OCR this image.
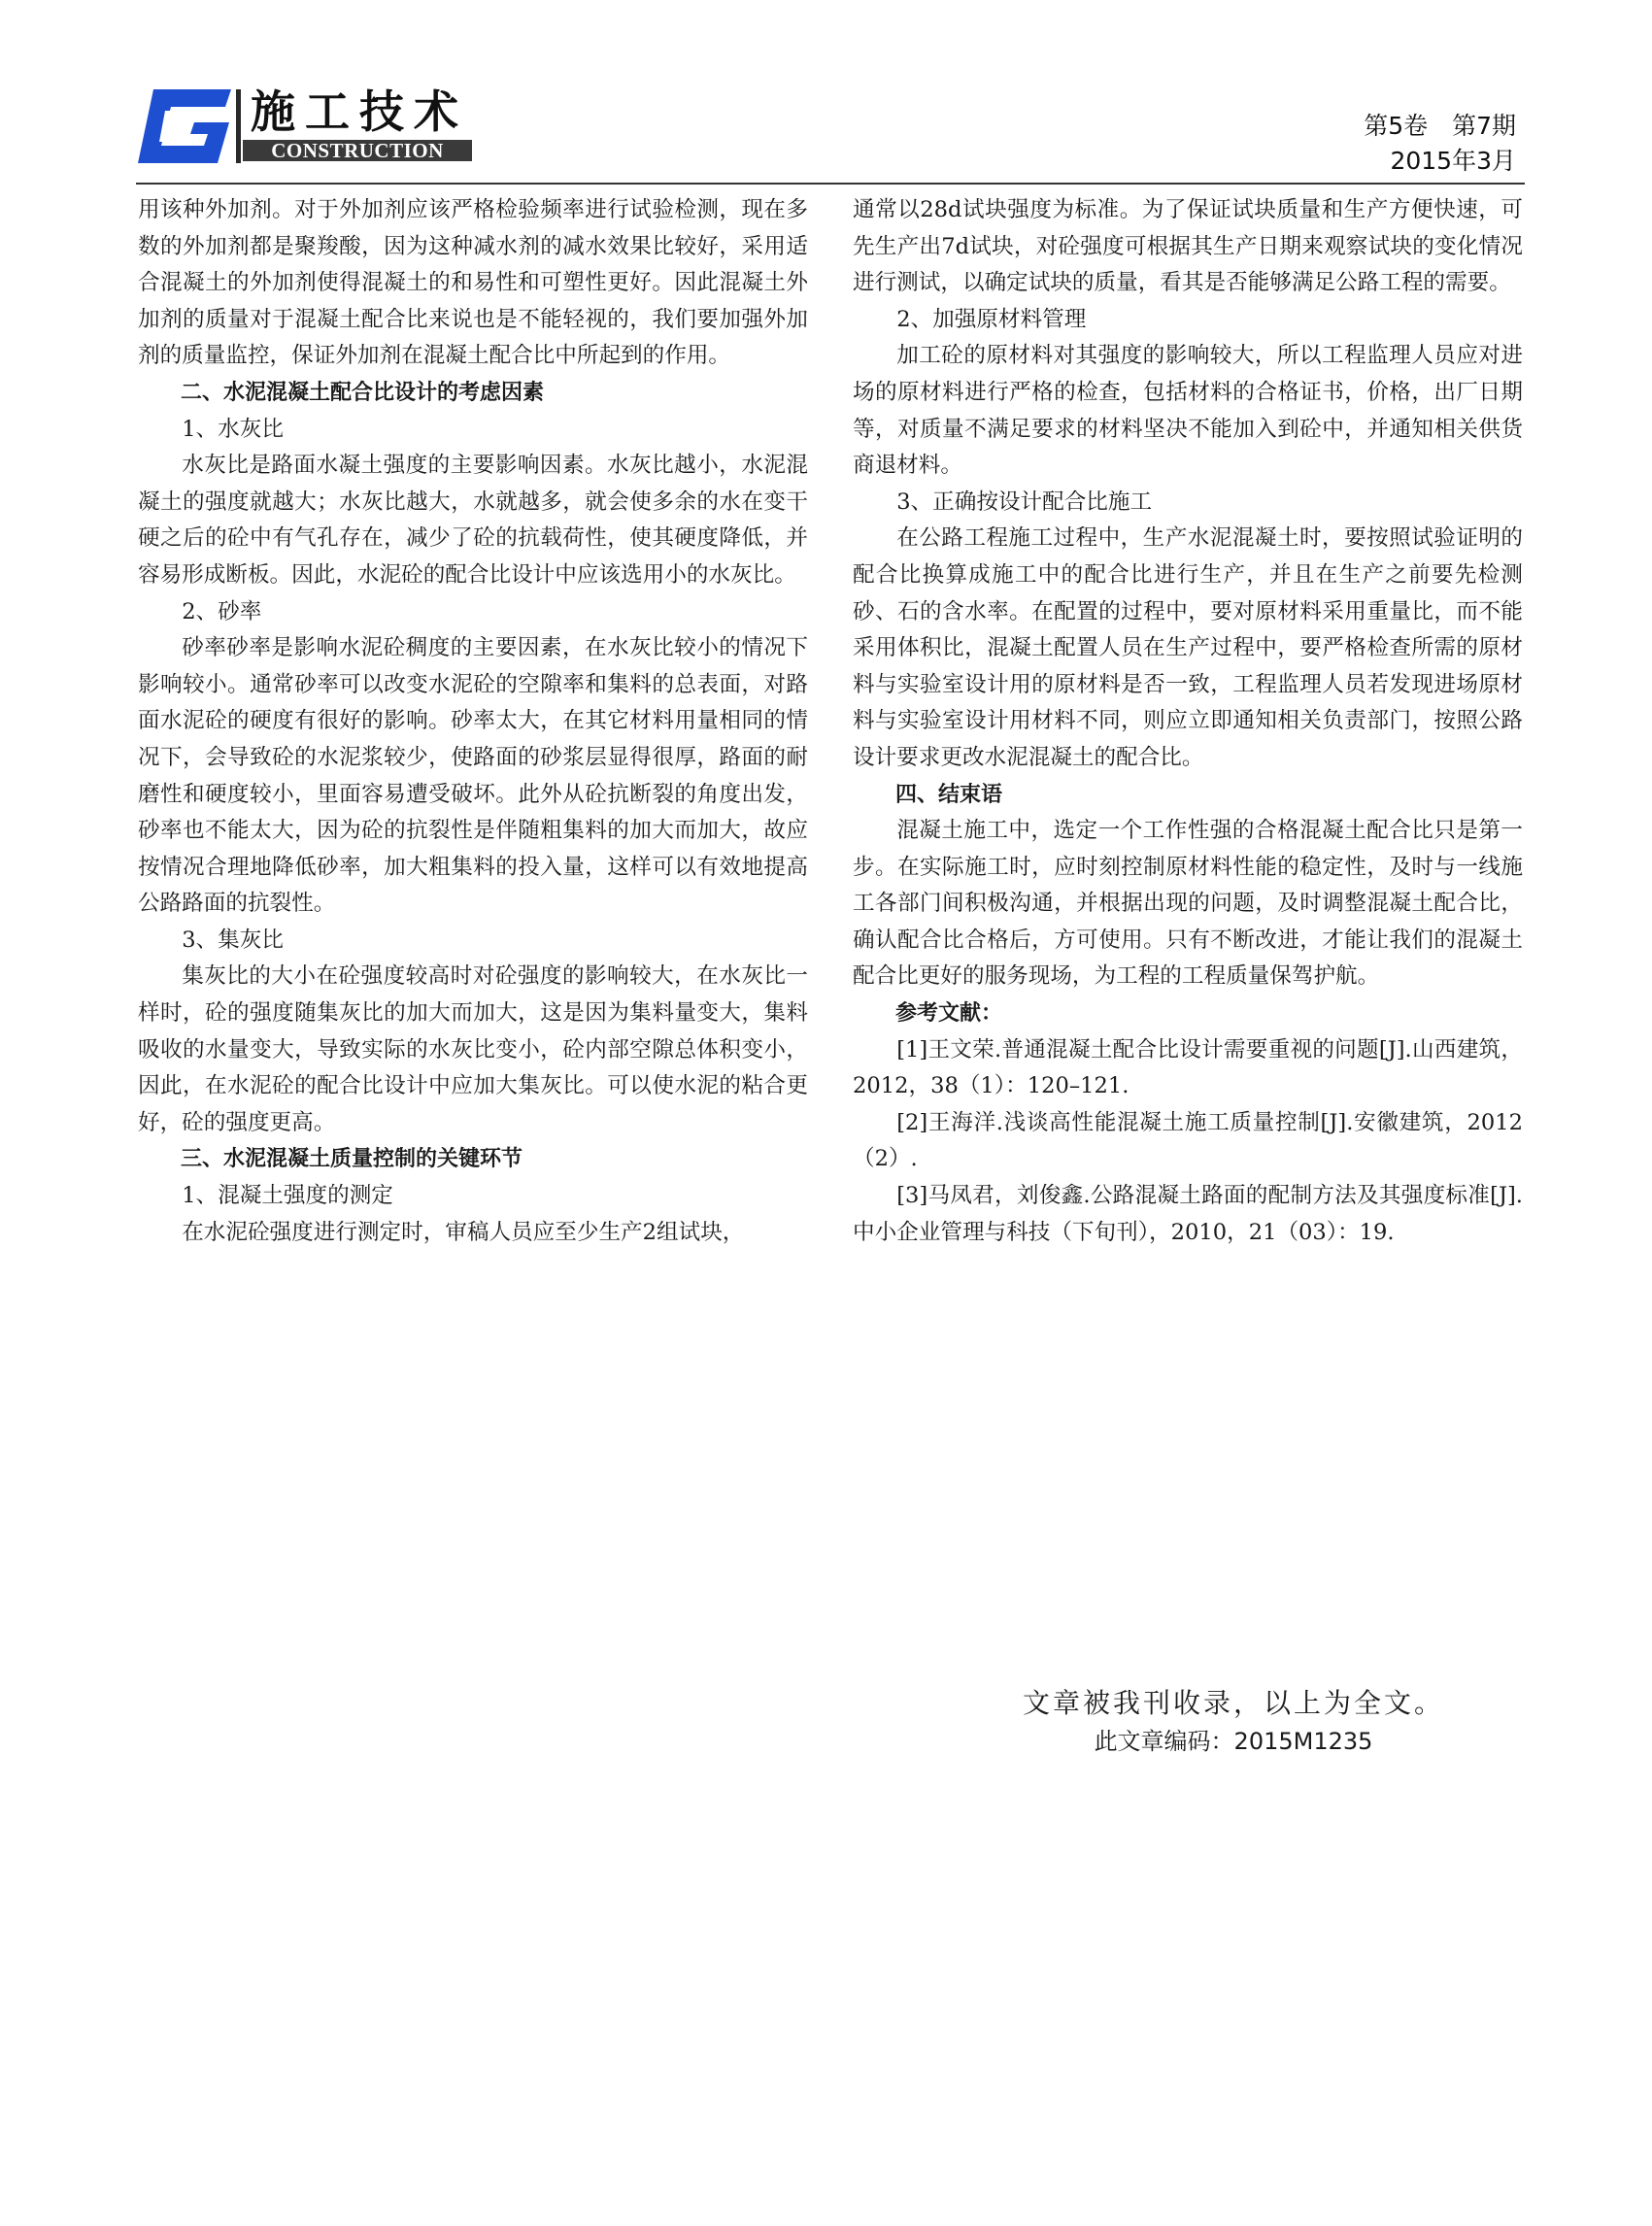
施工技术
CONSTRUCTION
第5卷　第7期
2015年3月

用该种外加剂。对于外加剂应该严格检验频率进行试验检测，现在多数的外加剂都是聚羧酸，因为这种减水剂的减水效果比较好，采用适合混凝土的外加剂使得混凝土的和易性和可塑性更好。因此混凝土外加剂的质量对于混凝土配合比来说也是不能轻视的，我们要加强外加剂的质量监控，保证外加剂在混凝土配合比中所起到的作用。

二、水泥混凝土配合比设计的考虑因素

1、水灰比

水灰比是路面水凝土强度的主要影响因素。水灰比越小，水泥混凝土的强度就越大；水灰比越大，水就越多，就会使多余的水在变干硬之后的砼中有气孔存在，减少了砼的抗载荷性，使其硬度降低，并容易形成断板。因此，水泥砼的配合比设计中应该选用小的水灰比。

2、砂率

砂率砂率是影响水泥砼稠度的主要因素，在水灰比较小的情况下影响较小。通常砂率可以改变水泥砼的空隙率和集料的总表面，对路面水泥砼的硬度有很好的影响。砂率太大，在其它材料用量相同的情况下，会导致砼的水泥浆较少，使路面的砂浆层显得很厚，路面的耐磨性和硬度较小，里面容易遭受破坏。此外从砼抗断裂的角度出发，砂率也不能太大，因为砼的抗裂性是伴随粗集料的加大而加大，故应按情况合理地降低砂率，加大粗集料的投入量，这样可以有效地提高公路路面的抗裂性。

3、集灰比

集灰比的大小在砼强度较高时对砼强度的影响较大，在水灰比一样时，砼的强度随集灰比的加大而加大，这是因为集料量变大，集料吸收的水量变大，导致实际的水灰比变小，砼内部空隙总体积变小，因此，在水泥砼的配合比设计中应加大集灰比。可以使水泥的粘合更好，砼的强度更高。

三、水泥混凝土质量控制的关键环节

1、混凝土强度的测定

在水泥砼强度进行测定时，审稿人员应至少生产2组试块，

通常以28d试块强度为标准。为了保证试块质量和生产方便快速，可先生产出7d试块，对砼强度可根据其生产日期来观察试块的变化情况进行测试，以确定试块的质量，看其是否能够满足公路工程的需要。

2、加强原材料管理

加工砼的原材料对其强度的影响较大，所以工程监理人员应对进场的原材料进行严格的检查，包括材料的合格证书，价格，出厂日期等，对质量不满足要求的材料坚决不能加入到砼中，并通知相关供货商退材料。

3、正确按设计配合比施工

在公路工程施工过程中，生产水泥混凝土时，要按照试验证明的配合比换算成施工中的配合比进行生产，并且在生产之前要先检测砂、石的含水率。在配置的过程中，要对原材料采用重量比，而不能采用体积比，混凝土配置人员在生产过程中，要严格检查所需的原材料与实验室设计用的原材料是否一致，工程监理人员若发现进场原材料与实验室设计用材料不同，则应立即通知相关负责部门，按照公路设计要求更改水泥混凝土的配合比。

四、结束语

混凝土施工中，选定一个工作性强的合格混凝土配合比只是第一步。在实际施工时，应时刻控制原材料性能的稳定性，及时与一线施工各部门间积极沟通，并根据出现的问题，及时调整混凝土配合比，确认配合比合格后，方可使用。只有不断改进，才能让我们的混凝土配合比更好的服务现场，为工程的工程质量保驾护航。

参考文献：

[1]王文荣.普通混凝土配合比设计需要重视的问题[J].山西建筑，2012，38（1）：120–121.

[2]王海洋.浅谈高性能混凝土施工质量控制[J].安徽建筑，2012（2）.

[3]马凤君，刘俊鑫.公路混凝土路面的配制方法及其强度标准[J].中小企业管理与科技（下旬刊），2010，21（03）：19.

文章被我刊收录，以上为全文。
此文章编码：2015M1235
